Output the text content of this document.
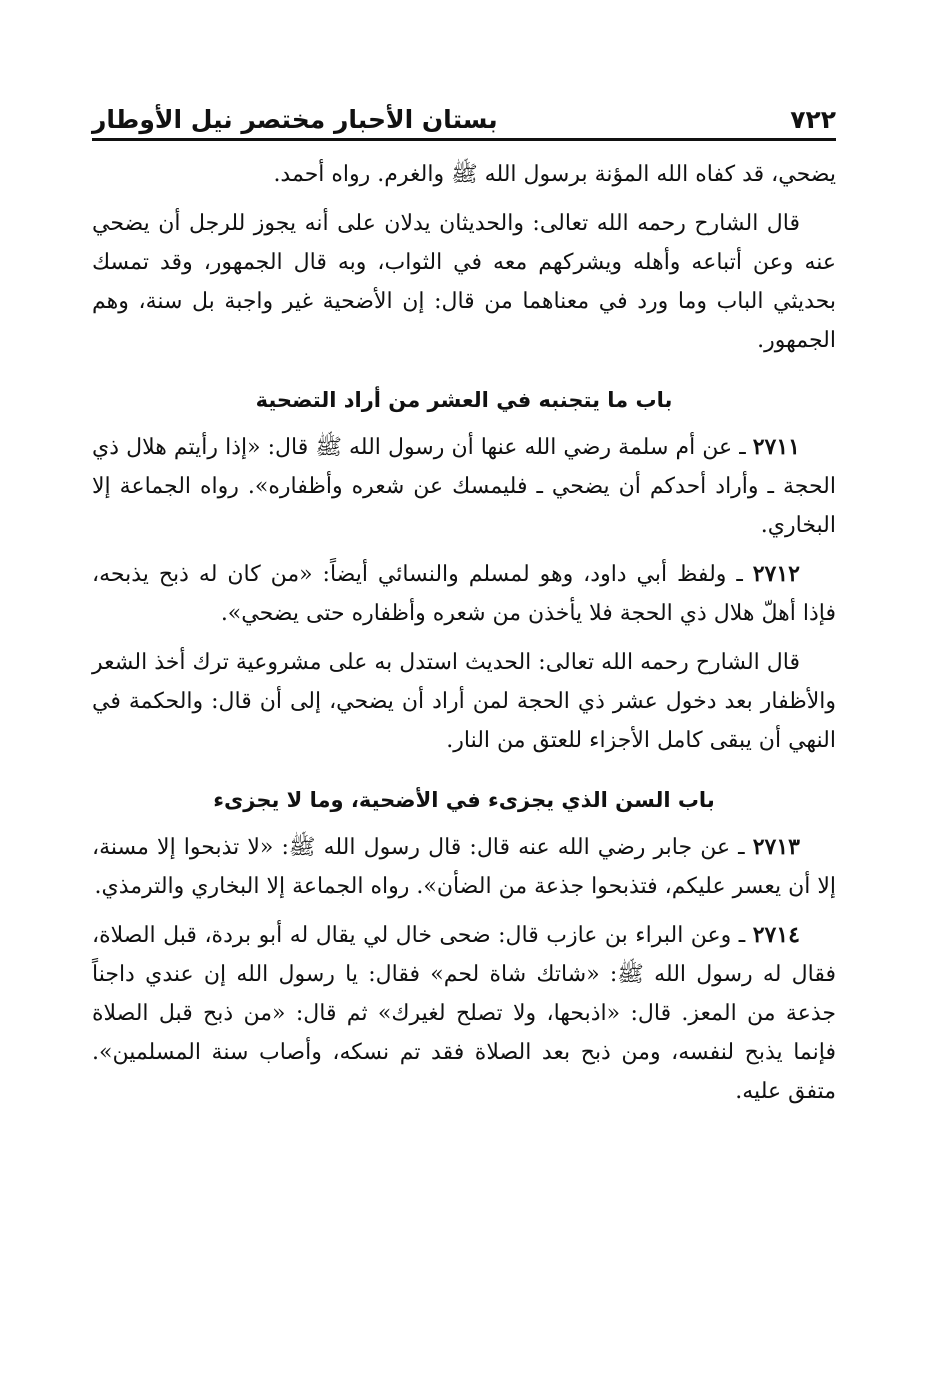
٧٢٢
بستان الأحبار مختصر نيل الأوطار

يضحي، قد كفاه الله المؤنة برسول الله ﷺ والغرم. رواه أحمد.

قال الشارح رحمه الله تعالى: والحديثان يدلان على أنه يجوز للرجل أن يضحي عنه وعن أتباعه وأهله ويشركهم معه في الثواب، وبه قال الجمهور، وقد تمسك بحديثي الباب وما ورد في معناهما من قال: إن الأضحية غير واجبة بل سنة، وهم الجمهور.

باب ما يتجنبه في العشر من أراد التضحية

٢٧١١ ـ عن أم سلمة رضي الله عنها أن رسول الله ﷺ قال: «إذا رأيتم هلال ذي الحجة ـ وأراد أحدكم أن يضحي ـ فليمسك عن شعره وأظفاره». رواه الجماعة إلا البخاري.

٢٧١٢ ـ ولفظ أبي داود، وهو لمسلم والنسائي أيضاً: «من كان له ذبح يذبحه، فإذا أهلّ هلال ذي الحجة فلا يأخذن من شعره وأظفاره حتى يضحي».

قال الشارح رحمه الله تعالى: الحديث استدل به على مشروعية ترك أخذ الشعر والأظفار بعد دخول عشر ذي الحجة لمن أراد أن يضحي، إلى أن قال: والحكمة في النهي أن يبقى كامل الأجزاء للعتق من النار.

باب السن الذي يجزىء في الأضحية، وما لا يجزىء

٢٧١٣ ـ عن جابر رضي الله عنه قال: قال رسول الله ﷺ: «لا تذبحوا إلا مسنة، إلا أن يعسر عليكم، فتذبحوا جذعة من الضأن». رواه الجماعة إلا البخاري والترمذي.

٢٧١٤ ـ وعن البراء بن عازب قال: ضحى خال لي يقال له أبو بردة، قبل الصلاة، فقال له رسول الله ﷺ: «شاتك شاة لحم» فقال: يا رسول الله إن عندي داجناً جذعة من المعز. قال: «اذبحها، ولا تصلح لغيرك» ثم قال: «من ذبح قبل الصلاة فإنما يذبح لنفسه، ومن ذبح بعد الصلاة فقد تم نسكه، وأصاب سنة المسلمين». متفق عليه.
